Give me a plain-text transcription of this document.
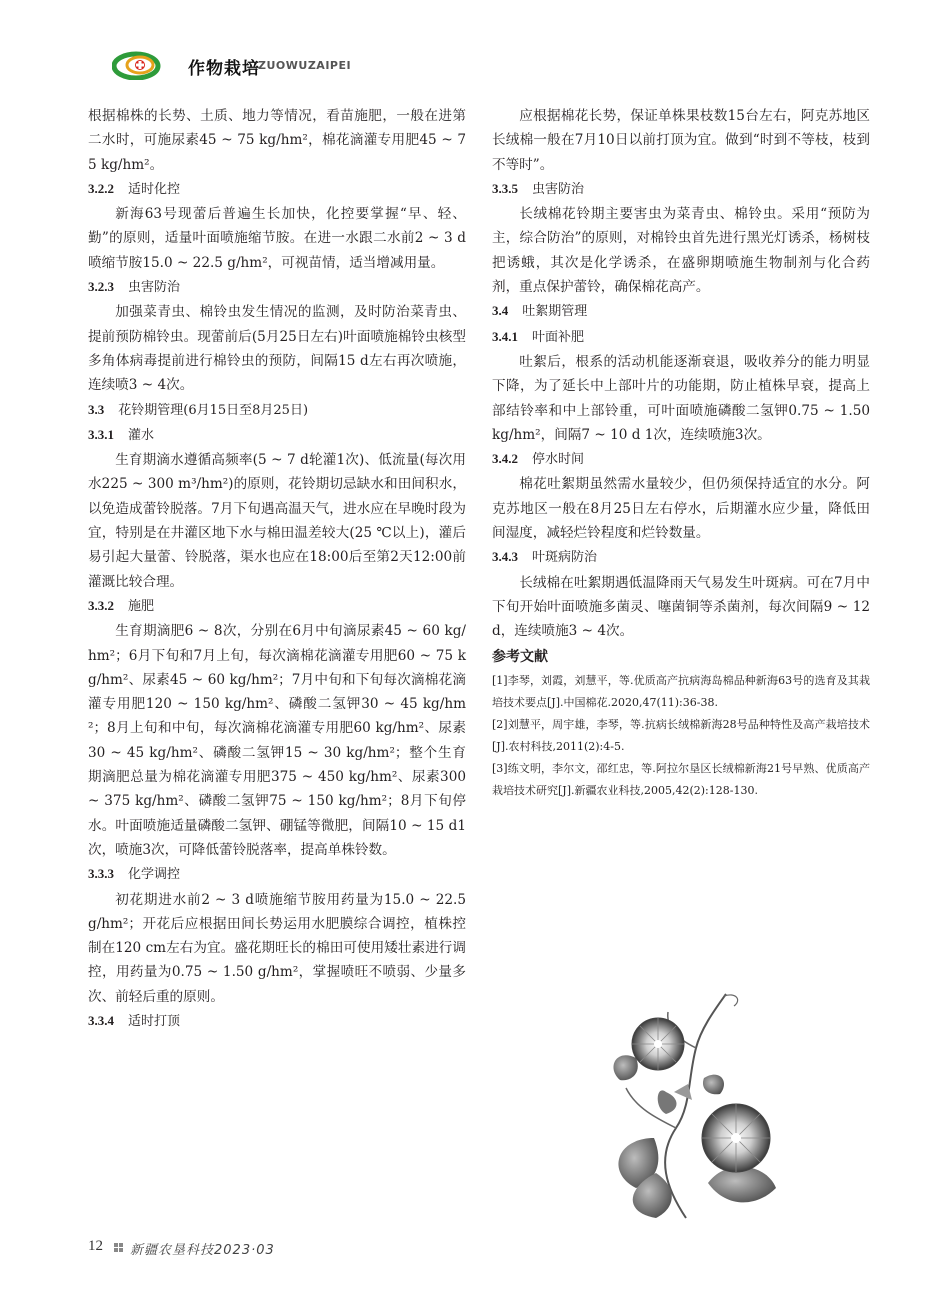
作物栽培
ZUOWUZAIPEI
根据棉株的长势、土质、地力等情况，看苗施肥，一般在进第二水时，可施尿素45 ~ 75 kg/hm²，棉花滴灌专用肥45 ~ 75 kg/hm²。
3.2.2 适时化控
新海63号现蕾后普遍生长加快，化控要掌握“早、轻、勤”的原则，适量叶面喷施缩节胺。在进一水跟二水前2 ~ 3 d喷缩节胺15.0 ~ 22.5 g/hm²，可视苗情，适当增减用量。
3.2.3 虫害防治
加强菜青虫、棉铃虫发生情况的监测，及时防治菜青虫、提前预防棉铃虫。现蕾前后(5月25日左右)叶面喷施棉铃虫核型多角体病毒提前进行棉铃虫的预防，间隔15 d左右再次喷施，连续喷3 ~ 4次。
3.3 花铃期管理(6月15日至8月25日)
3.3.1 灌水
生育期滴水遵循高频率(5 ~ 7 d轮灌1次)、低流量(每次用水225 ~ 300 m³/hm²)的原则，花铃期切忌缺水和田间积水，以免造成蕾铃脱落。7月下旬遇高温天气，进水应在早晚时段为宜，特别是在井灌区地下水与棉田温差较大(25 ℃以上)，灌后易引起大量蕾、铃脱落，渠水也应在18:00后至第2天12:00前灌溉比较合理。
3.3.2 施肥
生育期滴肥6 ~ 8次，分别在6月中旬滴尿素45 ~ 60 kg/hm²；6月下旬和7月上旬，每次滴棉花滴灌专用肥60 ~ 75 kg/hm²、尿素45 ~ 60 kg/hm²；7月中旬和下旬每次滴棉花滴灌专用肥120 ~ 150 kg/hm²、磷酸二氢钾30 ~ 45 kg/hm²；8月上旬和中旬，每次滴棉花滴灌专用肥60 kg/hm²、尿素30 ~ 45 kg/hm²、磷酸二氢钾15 ~ 30 kg/hm²；整个生育期滴肥总量为棉花滴灌专用肥375 ~ 450 kg/hm²、尿素300 ~ 375 kg/hm²、磷酸二氢钾75 ~ 150 kg/hm²；8月下旬停水。叶面喷施适量磷酸二氢钾、硼锰等微肥，间隔10 ~ 15 d1次，喷施3次，可降低蕾铃脱落率，提高单株铃数。
3.3.3 化学调控
初花期进水前2 ~ 3 d喷施缩节胺用药量为15.0 ~ 22.5 g/hm²；开花后应根据田间长势运用水肥膜综合调控，植株控制在120 cm左右为宜。盛花期旺长的棉田可使用矮壮素进行调控，用药量为0.75 ~ 1.50 g/hm²，掌握喷旺不喷弱、少量多次、前轻后重的原则。
3.3.4 适时打顶
应根据棉花长势，保证单株果枝数15台左右，阿克苏地区长绒棉一般在7月10日以前打顶为宜。做到“时到不等枝，枝到不等时”。
3.3.5 虫害防治
长绒棉花铃期主要害虫为菜青虫、棉铃虫。采用“预防为主，综合防治”的原则，对棉铃虫首先进行黑光灯诱杀，杨树枝把诱蛾，其次是化学诱杀，在盛卵期喷施生物制剂与化合药剂，重点保护蕾铃，确保棉花高产。
3.4 吐絮期管理
3.4.1 叶面补肥
吐絮后，根系的活动机能逐渐衰退，吸收养分的能力明显下降，为了延长中上部叶片的功能期，防止植株早衰，提高上部结铃率和中上部铃重，可叶面喷施磷酸二氢钾0.75 ~ 1.50 kg/hm²，间隔7 ~ 10 d 1次，连续喷施3次。
3.4.2 停水时间
棉花吐絮期虽然需水量较少，但仍须保持适宜的水分。阿克苏地区一般在8月25日左右停水，后期灌水应少量，降低田间湿度，减轻烂铃程度和烂铃数量。
3.4.3 叶斑病防治
长绒棉在吐絮期遇低温降雨天气易发生叶斑病。可在7月中下旬开始叶面喷施多菌灵、噻菌铜等杀菌剂，每次间隔9 ~ 12 d，连续喷施3 ~ 4次。
参考文献
[1]李琴，刘霞，刘慧平，等.优质高产抗病海岛棉品种新海63号的选育及其栽培技术要点[J].中国棉花.2020,47(11):36-38.
[2]刘慧平，周宇雄，李琴，等.抗病长绒棉新海28号品种特性及高产栽培技术[J].农村科技,2011(2):4-5.
[3]练文明，李尔文，邵红忠，等.阿拉尔垦区长绒棉新海21号早熟、优质高产栽培技术研究[J].新疆农业科技,2005,42(2):128-130.
12 新疆农垦科技2023·03
